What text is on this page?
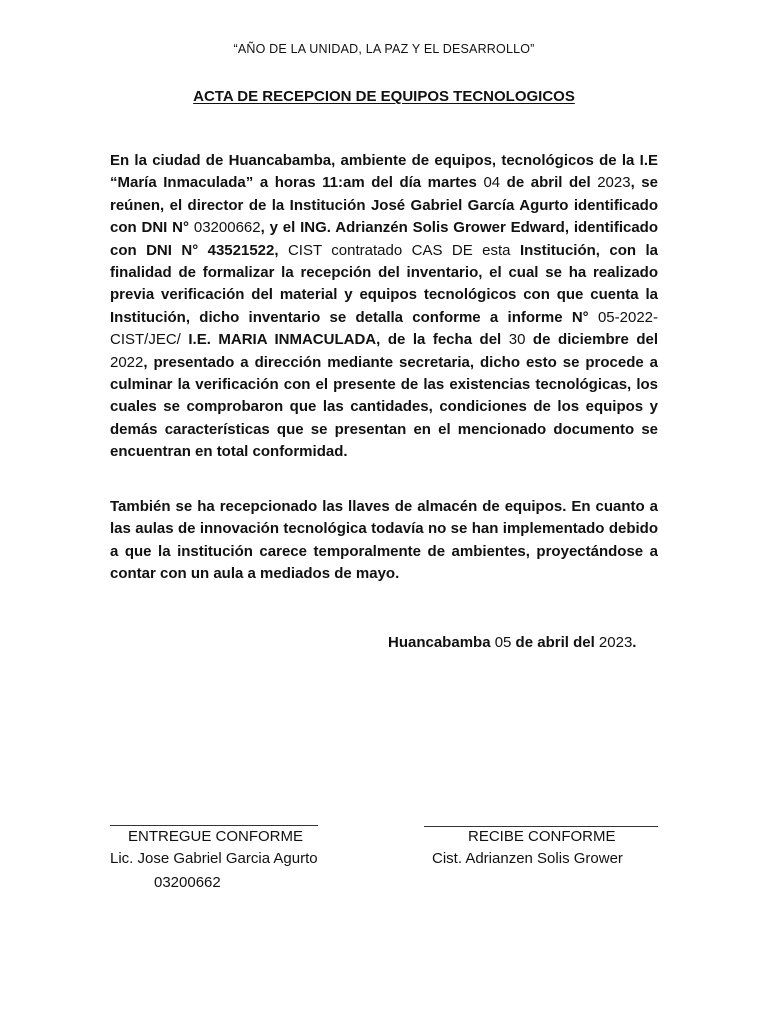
“AÑO DE LA UNIDAD, LA PAZ Y EL DESARROLLO”
ACTA DE RECEPCION DE EQUIPOS TECNOLOGICOS

En la ciudad de Huancabamba, ambiente de equipos, tecnológicos de la I.E “María Inmaculada” a horas 11:am del día martes 04 de abril del 2023, se reúnen, el director de la Institución José Gabriel García Agurto identificado con DNI N° 03200662, y el ING. Adrianzén Solis Grower Edward, identificado con DNI N° 43521522, CIST contratado CAS DE esta Institución, con la finalidad de formalizar la recepción del inventario, el cual se ha realizado previa verificación del material y equipos tecnológicos con que cuenta la Institución, dicho inventario se detalla conforme a informe N° 05-2022-CIST/JEC/ I.E. MARIA INMACULADA, de la fecha del 30 de diciembre del 2022, presentado a dirección mediante secretaria, dicho esto se procede a culminar la verificación con el presente de las existencias tecnológicas, los cuales se comprobaron que las cantidades, condiciones de los equipos y demás características que se presentan en el mencionado documento se encuentran en total conformidad.

También se ha recepcionado las llaves de almacén de equipos. En cuanto a las aulas de innovación tecnológica todavía no se han implementado debido a que la institución carece temporalmente de ambientes, proyectándose a contar con un aula a mediados de mayo.

Huancabamba 05 de abril del 2023.
ENTREGUE CONFORME
Lic. Jose Gabriel Garcia Agurto
03200662
RECIBE CONFORME
Cist. Adrianzen Solis Grower
